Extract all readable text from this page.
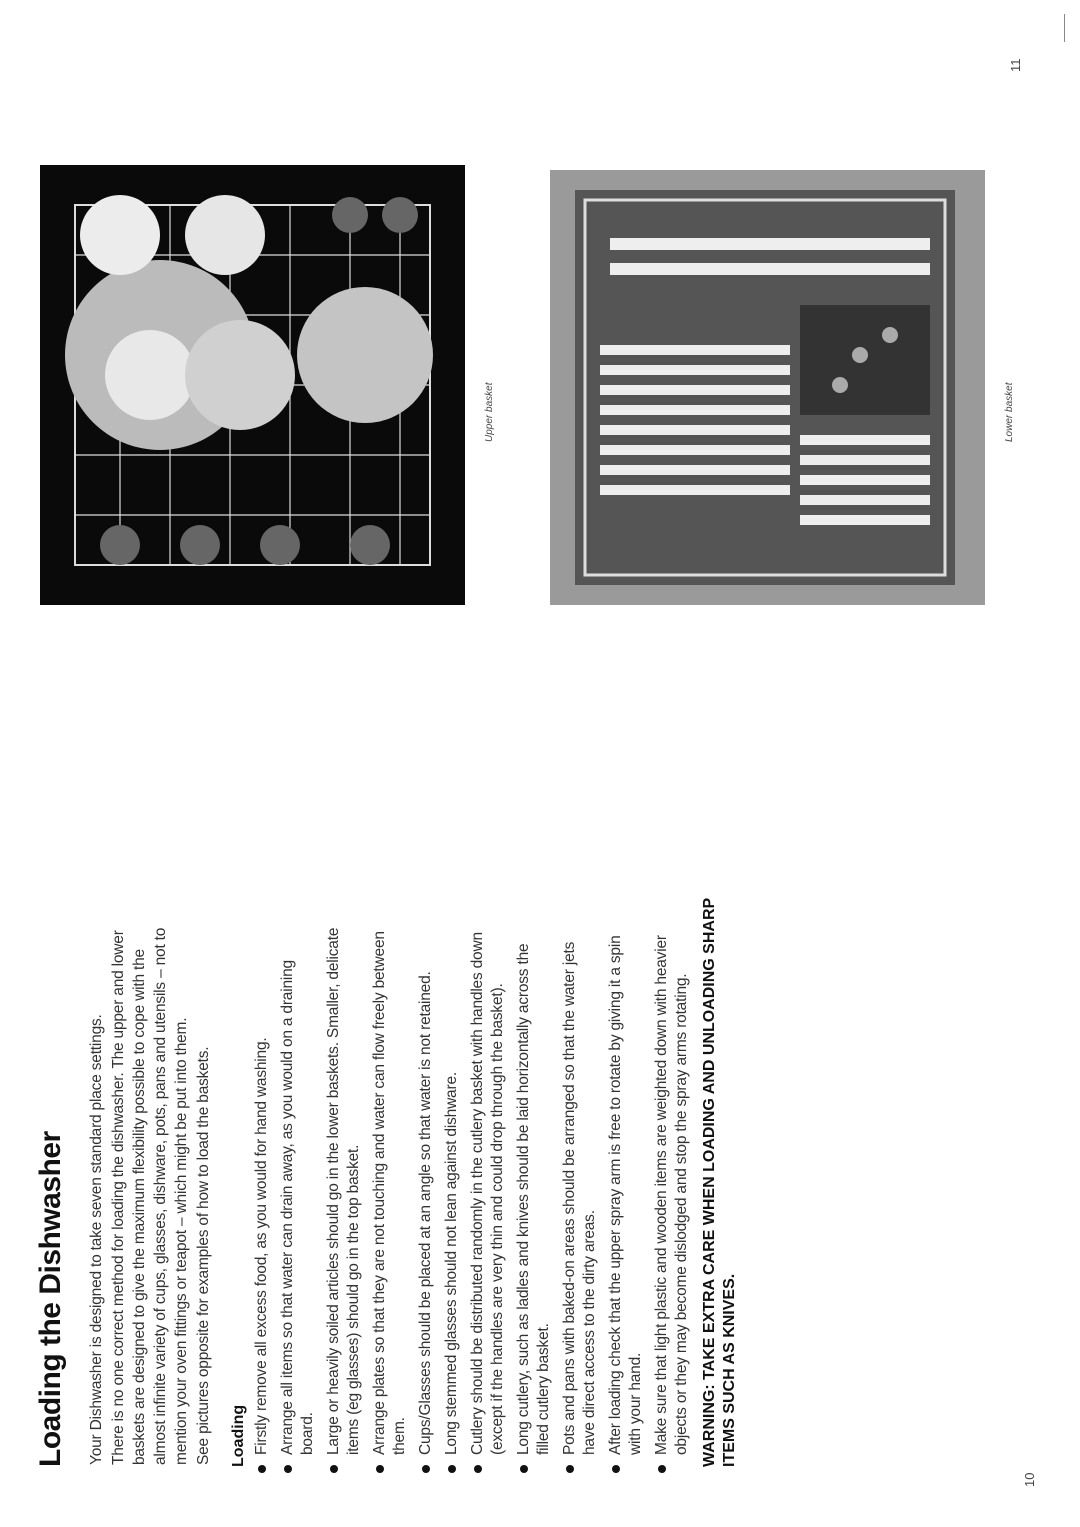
Loading the Dishwasher Your Dishwasher is designed to take seven standard place settings. There is no one correct method for loading the dishwasher. The upper and lower baskets are designed to give the maximum flexibility possible to cope with the almost infinite variety of cups, glasses, dishware, pots, pans and utensils – not to mention your oven fittings or teapot – which might be put into them. See pictures opposite for examples of how to load the baskets. Loading Firstly remove all excess food, as you would for hand washing. Arrange all items so that water can drain away, as you would on a draining board. Large or heavily soiled articles should go in the lower baskets. Smaller, delicate items (eg glasses) should go in the top basket. Arrange plates so that they are not touching and water can flow freely between them. Cups/Glasses should be placed at an angle so that water is not retained. Long stemmed glasses should not lean against dishware. Cutlery should be distributed randomly in the cutlery basket with handles down (except if the handles are very thin and could drop through the basket). Long cutlery, such as ladles and knives should be laid horizontally across the filled cutlery basket. Pots and pans with baked-on areas should be arranged so that the water jets have direct access to the dirty areas. After loading check that the upper spray arm is free to rotate by giving it a spin with your hand. Make sure that light plastic and wooden items are weighted down with heavier objects or they may become dislodged and stop the spray arms rotating. WARNING: TAKE EXTRA CARE WHEN LOADING AND UNLOADING SHARP ITEMS SUCH AS KNIVES.
Upper basket	Lower basket
10
11
